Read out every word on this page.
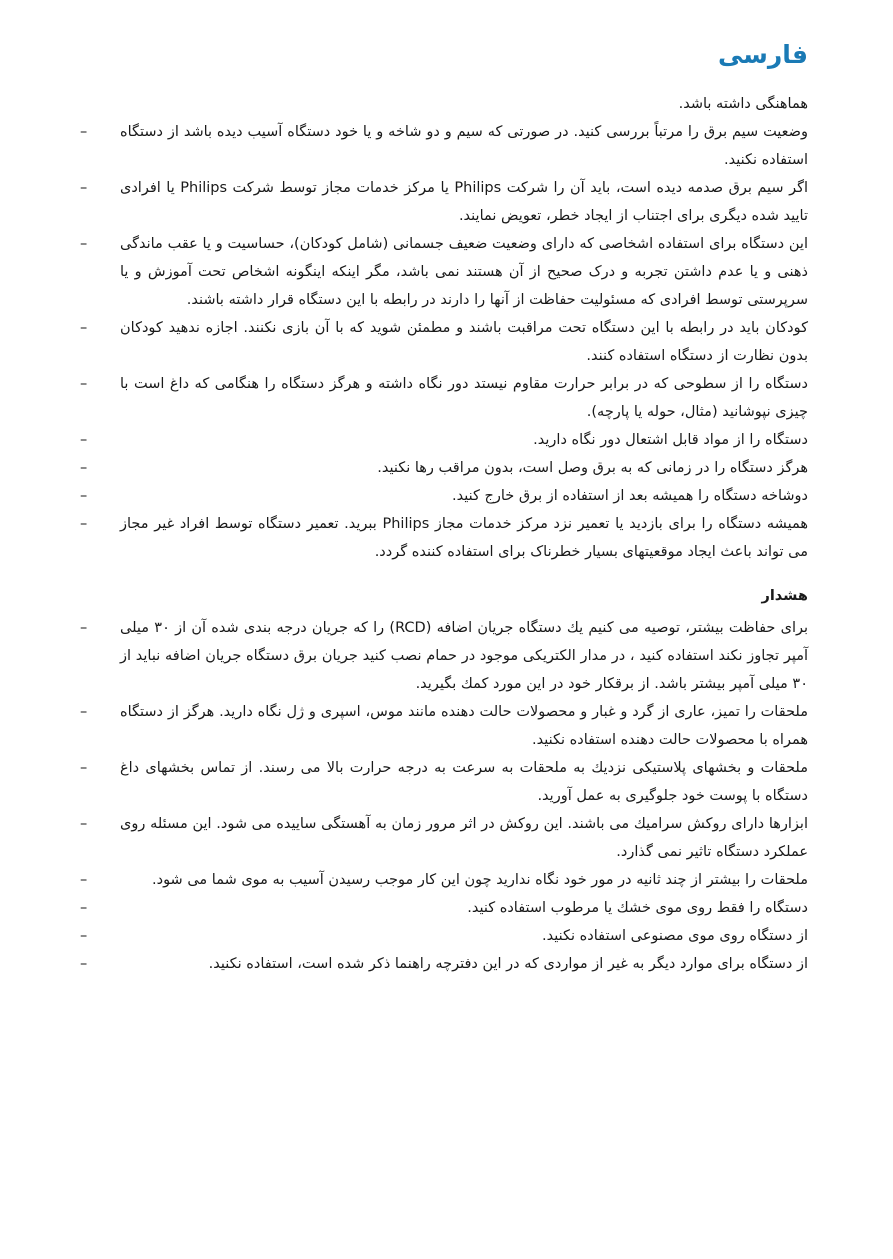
فارسی

هماهنگی داشته باشد.

–	وضعیت سیم برق را مرتباً بررسی کنید. در صورتی که سیم و دو شاخه و یا خود دستگاه آسیب دیده باشد از دستگاه استفاده نکنید.
–	اگر سیم برق صدمه دیده است، باید آن را شرکت Philips یا مرکز خدمات مجاز توسط شرکت Philips یا افرادی تایید شده دیگری برای اجتناب از ایجاد خطر، تعویض نمایند.
–	این دستگاه برای استفاده اشخاصی که دارای وضعیت ضعیف جسمانی (شامل کودکان)، حساسیت و یا عقب ماندگی ذهنی و یا عدم داشتن تجربه و درک صحیح از آن هستند نمی باشد، مگر اینکه اینگونه اشخاص تحت آموزش و یا سرپرستی توسط افرادی که مسئولیت حفاظت از آنها را دارند در رابطه با این دستگاه قرار داشته باشند.
–	کودکان باید در رابطه با این دستگاه تحت مراقبت باشند و مطمئن شوید که با آن بازی نکنند. اجازه ندهید کودکان بدون نظارت از دستگاه استفاده کنند.
–	دستگاه را از سطوحی که در برابر حرارت مقاوم نیستد دور نگاه داشته و هرگز دستگاه را هنگامی که داغ است با چیزی نپوشانید (مثال، حوله یا پارچه).
–	دستگاه را از مواد قابل اشتعال دور نگاه دارید.
–	هرگز دستگاه را در زمانی که به برق وصل است، بدون مراقب رها نکنید.
–	دوشاخه دستگاه را همیشه بعد از استفاده از برق خارج کنید.
–	همیشه دستگاه را برای بازدید یا تعمیر نزد مرکز خدمات مجاز Philips ببرید. تعمیر دستگاه توسط افراد غیر مجاز می تواند باعث ایجاد موقعیتهای بسیار خطرناک برای استفاده کننده گردد.
هشدار
–	برای حفاظت بیشتر، توصیه می کنیم یك دستگاه جریان اضافه (RCD) را که جریان درجه بندی شده آن از ۳۰ میلی آمپر تجاوز نکند استفاده کنید ، در مدار الکتریکی موجود در حمام نصب کنید جریان برق دستگاه جریان اضافه نباید از ۳۰ میلی آمپر بیشتر باشد. از برقکار خود در این مورد کمك بگیرید.
–	ملحقات را تمیز، عاری از گرد و غبار و محصولات حالت دهنده مانند موس، اسپری و ژل نگاه دارید. هرگز از دستگاه همراه با محصولات حالت دهنده استفاده نکنید.
–	ملحقات و بخشهای پلاستیکی نزدیك به ملحقات به سرعت به درجه حرارت بالا می رسند. از تماس بخشهای داغ دستگاه با پوست خود جلوگیری به عمل آورید.
–	ابزارها دارای روکش سرامیك می باشند. این روکش در اثر مرور زمان به آهستگی ساییده می شود. این مسئله روی عملکرد دستگاه تاثیر نمی گذارد.
–	ملحقات را بیشتر از چند ثانیه در مور خود نگاه ندارید چون این کار موجب رسیدن آسیب به موی شما می شود.
–	دستگاه را فقط روی موی خشك یا مرطوب استفاده کنید.
–	از دستگاه روی موی مصنوعی استفاده نکنید.
–	از دستگاه برای موارد دیگر به غیر از مواردی که در این دفترچه راهنما ذکر شده است، استفاده نکنید.
